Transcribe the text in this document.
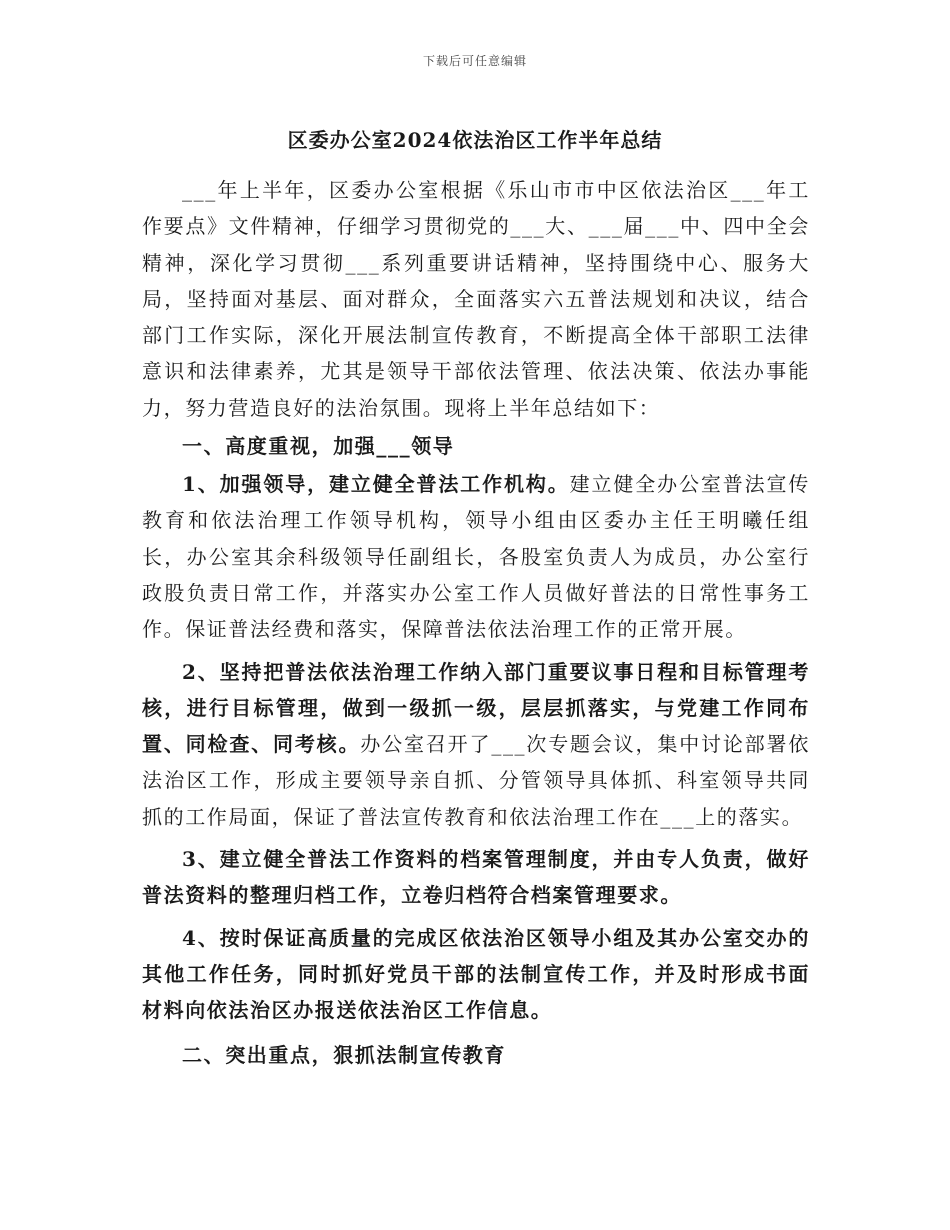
下载后可任意编辑
区委办公室2024依法治区工作半年总结

___年上半年，区委办公室根据《乐山市市中区依法治区___年工作要点》文件精神，仔细学习贯彻党的___大、___届___中、四中全会精神，深化学习贯彻___系列重要讲话精神，坚持围绕中心、服务大局，坚持面对基层、面对群众，全面落实六五普法规划和决议，结合部门工作实际，深化开展法制宣传教育，不断提高全体干部职工法律意识和法律素养，尤其是领导干部依法管理、依法决策、依法办事能力，努力营造良好的法治氛围。现将上半年总结如下：

一、高度重视，加强___领导

1、加强领导，建立健全普法工作机构。建立健全办公室普法宣传教育和依法治理工作领导机构，领导小组由区委办主任王明曦任组长，办公室其余科级领导任副组长，各股室负责人为成员，办公室行政股负责日常工作，并落实办公室工作人员做好普法的日常性事务工作。保证普法经费和落实，保障普法依法治理工作的正常开展。

2、坚持把普法依法治理工作纳入部门重要议事日程和目标管理考核，进行目标管理，做到一级抓一级，层层抓落实，与党建工作同布置、同检查、同考核。办公室召开了___次专题会议，集中讨论部署依法治区工作，形成主要领导亲自抓、分管领导具体抓、科室领导共同抓的工作局面，保证了普法宣传教育和依法治理工作在___上的落实。

3、建立健全普法工作资料的档案管理制度，并由专人负责，做好普法资料的整理归档工作，立卷归档符合档案管理要求。

4、按时保证高质量的完成区依法治区领导小组及其办公室交办的其他工作任务，同时抓好党员干部的法制宣传工作，并及时形成书面材料向依法治区办报送依法治区工作信息。

二、突出重点，狠抓法制宣传教育
